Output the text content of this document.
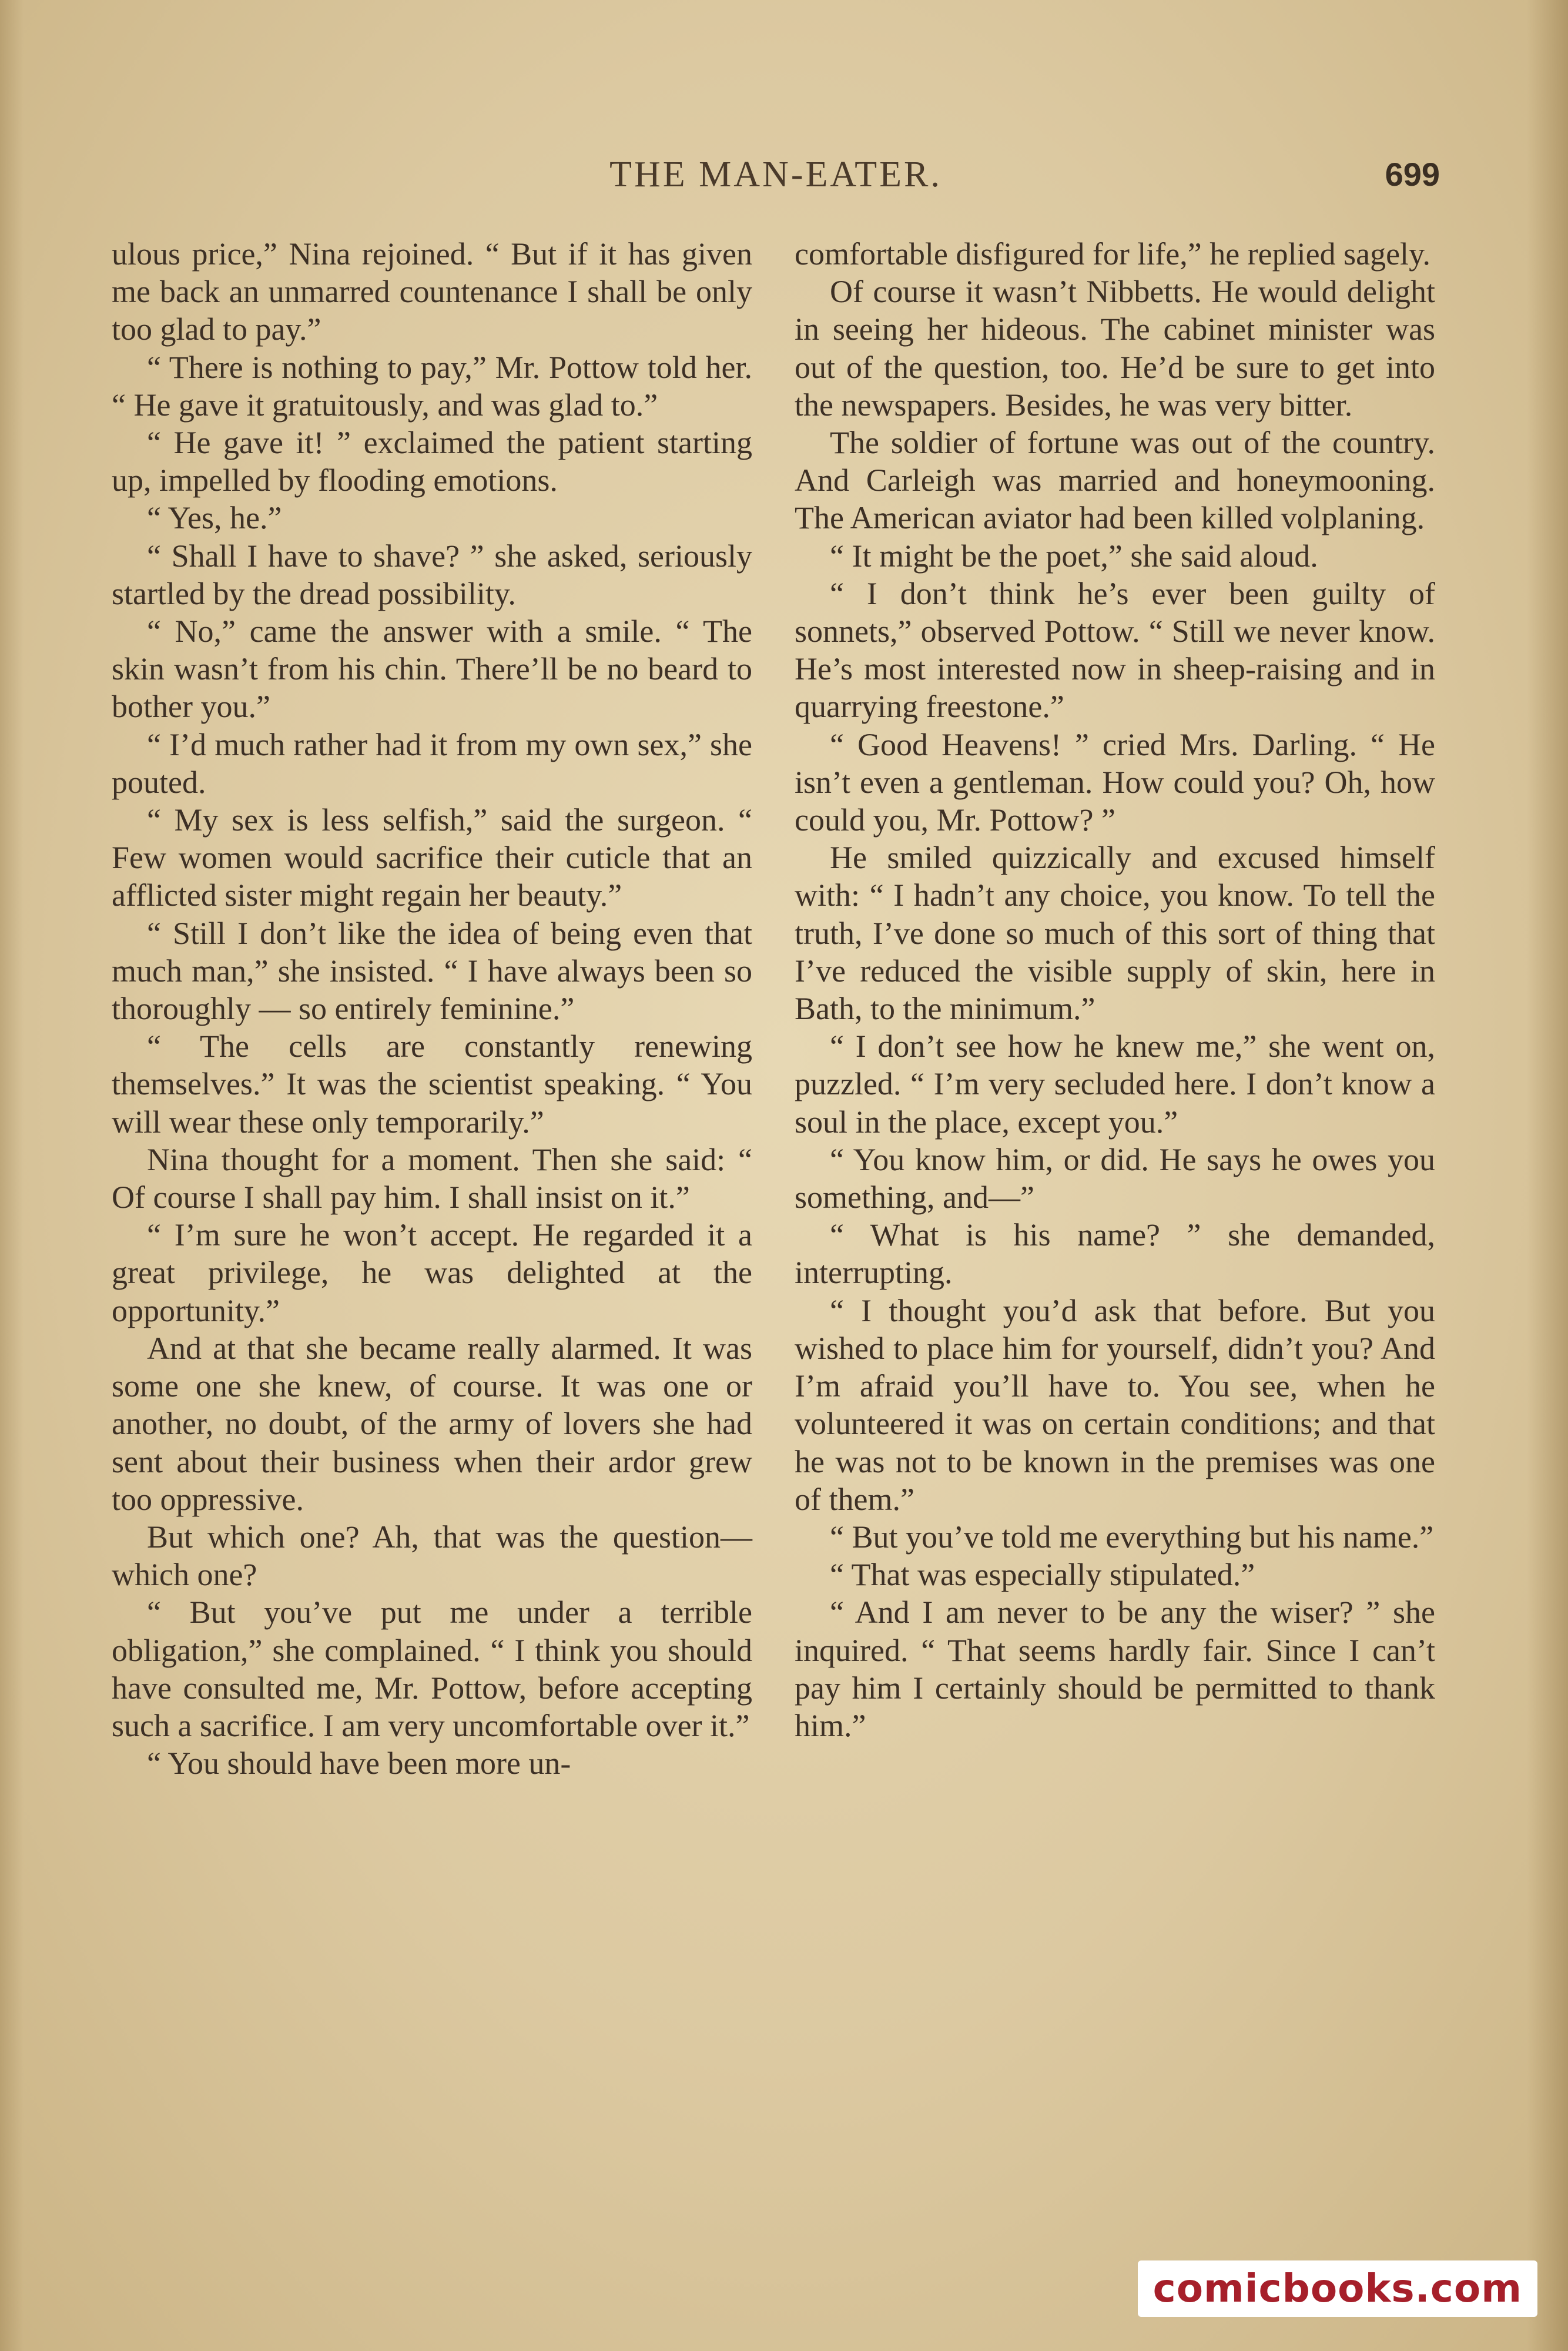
THE MAN-EATER.	699

ulous price,” Nina rejoined. “ But if it has given me back an unmarred countenance I shall be only too glad to pay.”

“ There is nothing to pay,” Mr. Pottow told her. “ He gave it gratuitously, and was glad to.”

“ He gave it! ” exclaimed the patient starting up, impelled by flooding emotions.

“ Yes, he.”

“ Shall I have to shave? ” she asked, seriously startled by the dread possibility.

“ No,” came the answer with a smile. “ The skin wasn’t from his chin. There’ll be no beard to bother you.”

“ I’d much rather had it from my own sex,” she pouted.

“ My sex is less selfish,” said the surgeon. “ Few women would sacrifice their cuticle that an afflicted sister might regain her beauty.”

“ Still I don’t like the idea of being even that much man,” she insisted. “ I have always been so thoroughly — so entirely feminine.”

“ The cells are constantly renewing themselves.” It was the scientist speaking. “ You will wear these only temporarily.”

Nina thought for a moment. Then she said: “ Of course I shall pay him. I shall insist on it.”

“ I’m sure he won’t accept. He regarded it a great privilege, he was delighted at the opportunity.”

And at that she became really alarmed. It was some one she knew, of course. It was one or another, no doubt, of the army of lovers she had sent about their business when their ardor grew too oppressive.

But which one? Ah, that was the question—which one?

“ But you’ve put me under a terrible obligation,” she complained. “ I think you should have consulted me, Mr. Pottow, before accepting such a sacrifice. I am very uncomfortable over it.”

“ You should have been more un-

comfortable disfigured for life,” he replied sagely.

Of course it wasn’t Nibbetts. He would delight in seeing her hideous. The cabinet minister was out of the question, too. He’d be sure to get into the newspapers. Besides, he was very bitter.

The soldier of fortune was out of the country. And Carleigh was married and honeymooning. The American aviator had been killed volplaning.

“ It might be the poet,” she said aloud.

“ I don’t think he’s ever been guilty of sonnets,” observed Pottow. “ Still we never know. He’s most interested now in sheep-raising and in quarrying freestone.”

“ Good Heavens! ” cried Mrs. Darling. “ He isn’t even a gentleman. How could you? Oh, how could you, Mr. Pottow? ”

He smiled quizzically and excused himself with: “ I hadn’t any choice, you know. To tell the truth, I’ve done so much of this sort of thing that I’ve reduced the visible supply of skin, here in Bath, to the minimum.”

“ I don’t see how he knew me,” she went on, puzzled. “ I’m very secluded here. I don’t know a soul in the place, except you.”

“ You know him, or did. He says he owes you something, and—”

“ What is his name? ” she demanded, interrupting.

“ I thought you’d ask that before. But you wished to place him for yourself, didn’t you? And I’m afraid you’ll have to. You see, when he volunteered it was on certain conditions; and that he was not to be known in the premises was one of them.”

“ But you’ve told me everything but his name.”

“ That was especially stipulated.”

“ And I am never to be any the wiser? ” she inquired. “ That seems hardly fair. Since I can’t pay him I certainly should be permitted to thank him.”

comicbooks.com
